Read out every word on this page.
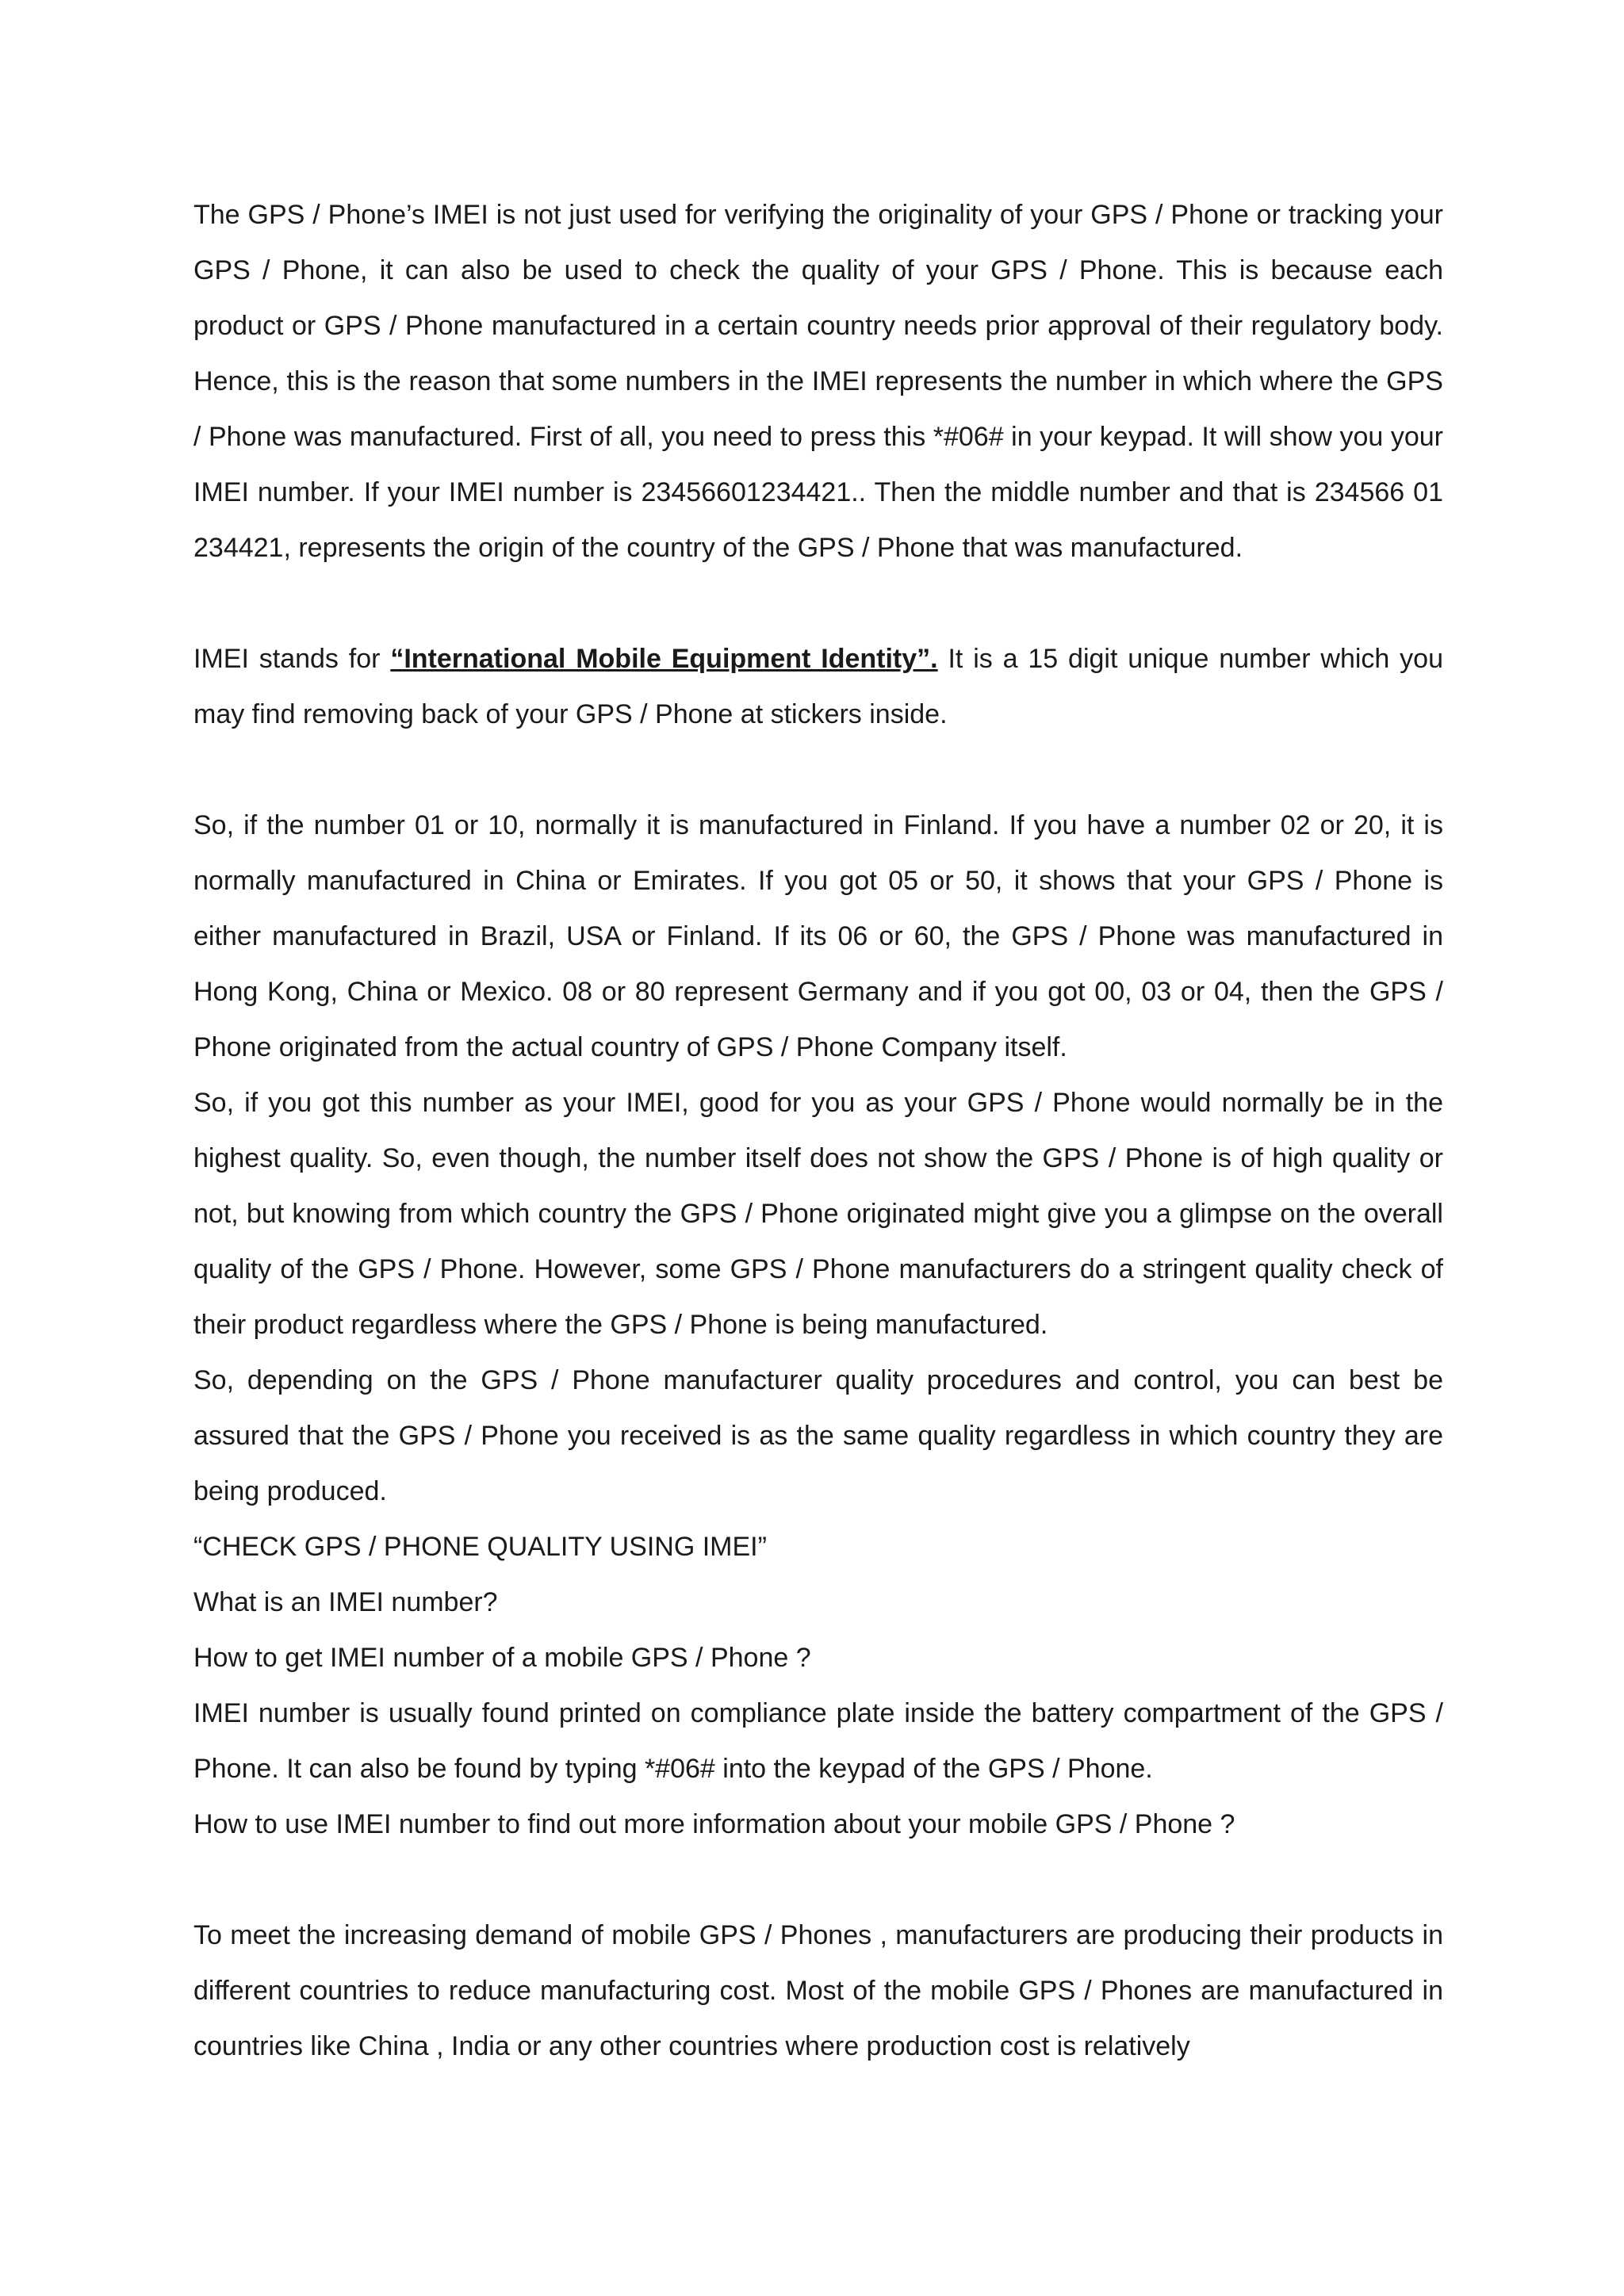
The GPS / Phone’s IMEI is not just used for verifying the originality of your GPS / Phone or tracking your GPS / Phone, it can also be used to check the quality of your GPS / Phone. This is because each product or GPS / Phone manufactured in a certain country needs prior approval of their regulatory body. Hence, this is the reason that some numbers in the IMEI represents the number in which where the GPS / Phone was manufactured. First of all, you need to press this *#06# in your keypad. It will show you your IMEI number. If your IMEI number is 23456601234421.. Then the middle number and that is 234566 01 234421, represents the origin of the country of the GPS / Phone that was manufactured.

IMEI stands for “International Mobile Equipment Identity”. It is a 15 digit unique number which you may find removing back of your GPS / Phone at stickers inside.

So, if the number 01 or 10, normally it is manufactured in Finland. If you have a number 02 or 20, it is normally manufactured in China or Emirates. If you got 05 or 50, it shows that your GPS / Phone is either manufactured in Brazil, USA or Finland. If its 06 or 60, the GPS / Phone was manufactured in Hong Kong, China or Mexico. 08 or 80 represent Germany and if you got 00, 03 or 04, then the GPS / Phone originated from the actual country of GPS / Phone Company itself.

So, if you got this number as your IMEI, good for you as your GPS / Phone would normally be in the highest quality. So, even though, the number itself does not show the GPS / Phone is of high quality or not, but knowing from which country the GPS / Phone originated might give you a glimpse on the overall quality of the GPS / Phone. However, some GPS / Phone manufacturers do a stringent quality check of their product regardless where the GPS / Phone is being manufactured.

So, depending on the GPS / Phone manufacturer quality procedures and control, you can best be assured that the GPS / Phone you received is as the same quality regardless in which country they are being produced.

“CHECK GPS / PHONE QUALITY USING IMEI”

What is an IMEI number?

How to get IMEI number of a mobile GPS / Phone ?

IMEI number is usually found printed on compliance plate inside the battery compartment of the GPS / Phone. It can also be found by typing *#06# into the keypad of the GPS / Phone.

How to use IMEI number to find out more information about your mobile GPS / Phone ?

To meet the increasing demand of mobile GPS / Phones , manufacturers are producing their products in different countries to reduce manufacturing cost. Most of the mobile GPS / Phones are manufactured in countries like China , India or any other countries where production cost is relatively
